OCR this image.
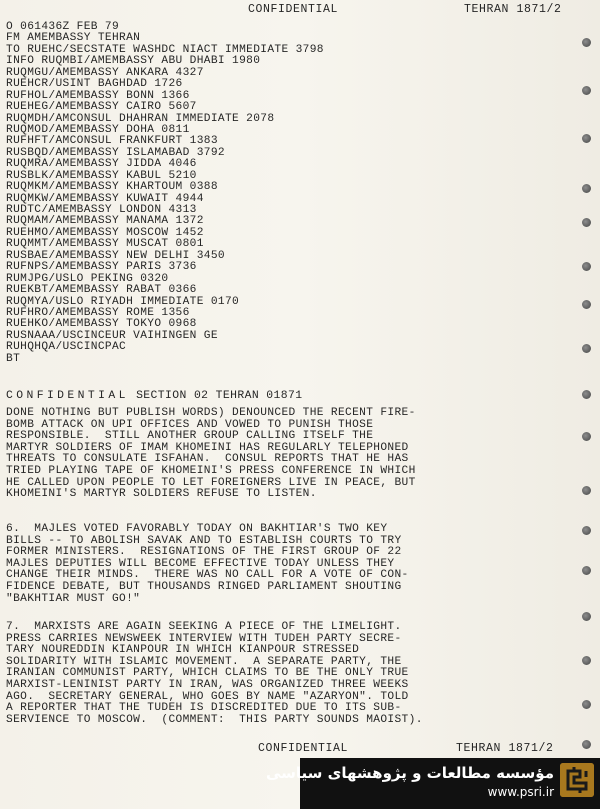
CONFIDENTIAL	TEHRAN 1871/2
O 061436Z FEB 79
FM AMEMBASSY TEHRAN
TO RUEHC/SECSTATE WASHDC NIACT IMMEDIATE 3798
INFO RUQMBI/AMEMBASSY ABU DHABI 1980
RUQMGU/AMEMBASSY ANKARA 4327
RUEHCR/USINT BAGHDAD 1726
RUFHOL/AMEMBASSY BONN 1366
RUEHEG/AMEMBASSY CAIRO 5607
RUQMDH/AMCONSUL DHAHRAN IMMEDIATE 2078
RUQMOD/AMEMBASSY DOHA 0811
RUFHFT/AMCONSUL FRANKFURT 1383
RUSBQD/AMEMBASSY ISLAMABAD 3792
RUQMRA/AMEMBASSY JIDDA 4046
RUSBLK/AMEMBASSY KABUL 5210
RUQMKM/AMEMBASSY KHARTOUM 0388
RUQMKW/AMEMBASSY KUWAIT 4944
RUDTC/AMEMBASSY LONDON 4313
RUQMAM/AMEMBASSY MANAMA 1372
RUEHMO/AMEMBASSY MOSCOW 1452
RUQMMT/AMEMBASSY MUSCAT 0801
RUSBAE/AMEMBASSY NEW DELHI 3450
RUFNPS/AMEMBASSY PARIS 3736
RUMJPG/USLO PEKING 0320
RUEKBT/AMEMBASSY RABAT 0366
RUQMYA/USLO RIYADH IMMEDIATE 0170
RUFHRO/AMEMBASSY ROME 1356
RUEHKO/AMEMBASSY TOKYO 0968
RUSNAAA/USCINCEUR VAIHINGEN GE
RUHQHQA/USCINCPAC
BT
CONFIDENTIAL SECTION 02 TEHRAN 01871
DONE NOTHING BUT PUBLISH WORDS) DENOUNCED THE RECENT FIRE-
BOMB ATTACK ON UPI OFFICES AND VOWED TO PUNISH THOSE
RESPONSIBLE.  STILL ANOTHER GROUP CALLING ITSELF THE
MARTYR SOLDIERS OF IMAM KHOMEINI HAS REGULARLY TELEPHONED
THREATS TO CONSULATE ISFAHAN.  CONSUL REPORTS THAT HE HAS
TRIED PLAYING TAPE OF KHOMEINI'S PRESS CONFERENCE IN WHICH
HE CALLED UPON PEOPLE TO LET FOREIGNERS LIVE IN PEACE, BUT
KHOMEINI'S MARTYR SOLDIERS REFUSE TO LISTEN.
6.  MAJLES VOTED FAVORABLY TODAY ON BAKHTIAR'S TWO KEY
BILLS -- TO ABOLISH SAVAK AND TO ESTABLISH COURTS TO TRY
FORMER MINISTERS.  RESIGNATIONS OF THE FIRST GROUP OF 22
MAJLES DEPUTIES WILL BECOME EFFECTIVE TODAY UNLESS THEY
CHANGE THEIR MINDS.  THERE WAS NO CALL FOR A VOTE OF CON-
FIDENCE DEBATE, BUT THOUSANDS RINGED PARLIAMENT SHOUTING
"BAKHTIAR MUST GO!"
7.  MARXISTS ARE AGAIN SEEKING A PIECE OF THE LIMELIGHT.
PRESS CARRIES NEWSWEEK INTERVIEW WITH TUDEH PARTY SECRE-
TARY NOUREDDIN KIANPOUR IN WHICH KIANPOUR STRESSED
SOLIDARITY WITH ISLAMIC MOVEMENT.  A SEPARATE PARTY, THE
IRANIAN COMMUNIST PARTY, WHICH CLAIMS TO BE THE ONLY TRUE
MARXIST-LENINIST PARTY IN IRAN, WAS ORGANIZED THREE WEEKS
AGO.  SECRETARY GENERAL, WHO GOES BY NAME "AZARYON". TOLD
A REPORTER THAT THE TUDEH IS DISCREDITED DUE TO ITS SUB-
SERVIENCE TO MOSCOW.  (COMMENT:  THIS PARTY SOUNDS MAOIST).
CONFIDENTIAL	TEHRAN 1871/2
مؤسسه مطالعات و پژوهشهای سیاسی
www.psri.ir
